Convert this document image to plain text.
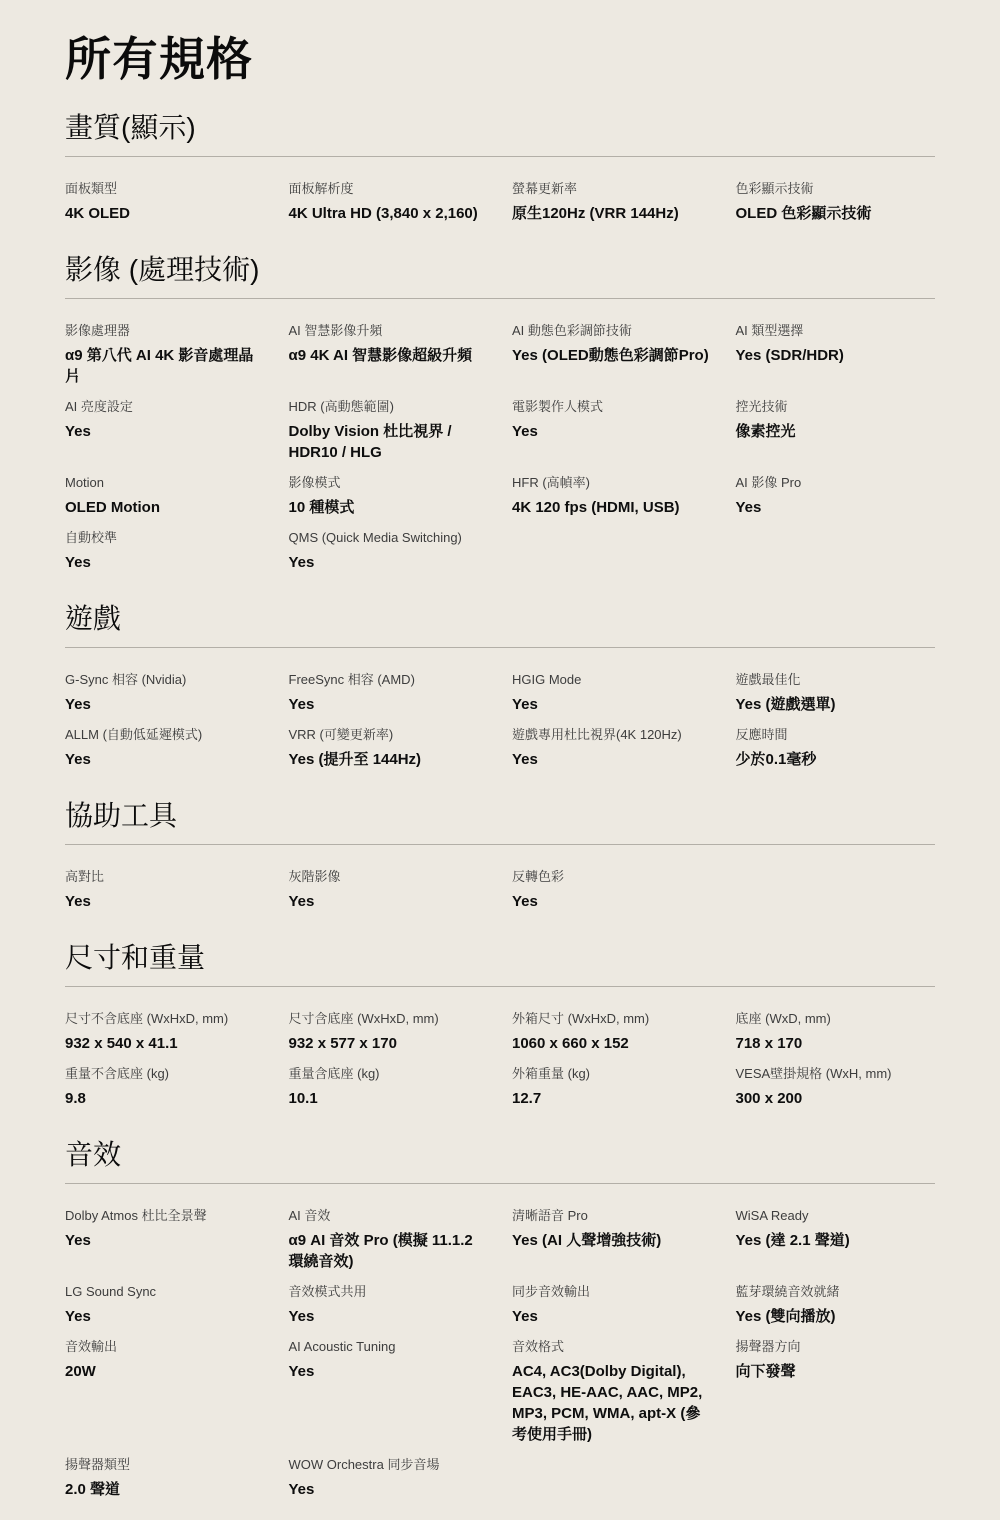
所有規格
畫質(顯示)
面板類型
4K OLED
面板解析度
4K Ultra HD (3,840 x 2,160)
螢幕更新率
原生120Hz (VRR 144Hz)
色彩顯示技術
OLED 色彩顯示技術
影像 (處理技術)
影像處理器
α9 第八代 AI 4K 影音處理晶片
AI 智慧影像升頻
α9 4K AI 智慧影像超級升頻
AI 動態色彩調節技術
Yes (OLED動態色彩調節Pro)
AI 類型選擇
Yes (SDR/HDR)
AI 亮度設定
Yes
HDR (高動態範圍)
Dolby Vision 杜比視界 / HDR10 / HLG
電影製作人模式
Yes
控光技術
像素控光
Motion
OLED Motion
影像模式
10 種模式
HFR (高幀率)
4K 120 fps (HDMI, USB)
AI 影像 Pro
Yes
自動校準
Yes
QMS (Quick Media Switching)
Yes
遊戲
G-Sync 相容 (Nvidia)
Yes
FreeSync 相容 (AMD)
Yes
HGIG Mode
Yes
遊戲最佳化
Yes (遊戲選單)
ALLM (自動低延遲模式)
Yes
VRR (可變更新率)
Yes (提升至 144Hz)
遊戲專用杜比視界(4K 120Hz)
Yes
反應時間
少於0.1毫秒
協助工具
高對比
Yes
灰階影像
Yes
反轉色彩
Yes
尺寸和重量
尺寸不含底座 (WxHxD, mm)
932 x 540 x 41.1
尺寸含底座 (WxHxD, mm)
932 x 577 x 170
外箱尺寸 (WxHxD, mm)
1060 x 660 x 152
底座 (WxD, mm)
718 x 170
重量不含底座 (kg)
9.8
重量含底座 (kg)
10.1
外箱重量 (kg)
12.7
VESA壁掛規格 (WxH, mm)
300 x 200
音效
Dolby Atmos 杜比全景聲
Yes
AI 音效
α9 AI 音效 Pro (模擬 11.1.2 環繞音效)
清晰語音 Pro
Yes (AI 人聲增強技術)
WiSA Ready
Yes (達 2.1 聲道)
LG Sound Sync
Yes
音效模式共用
Yes
同步音效輸出
Yes
藍芽環繞音效就緒
Yes (雙向播放)
音效輸出
20W
AI Acoustic Tuning
Yes
音效格式
AC4, AC3(Dolby Digital), EAC3, HE-AAC, AAC, MP2, MP3, PCM, WMA, apt-X (參考使用手冊)
揚聲器方向
向下發聲
揚聲器類型
2.0 聲道
WOW Orchestra 同步音場
Yes
